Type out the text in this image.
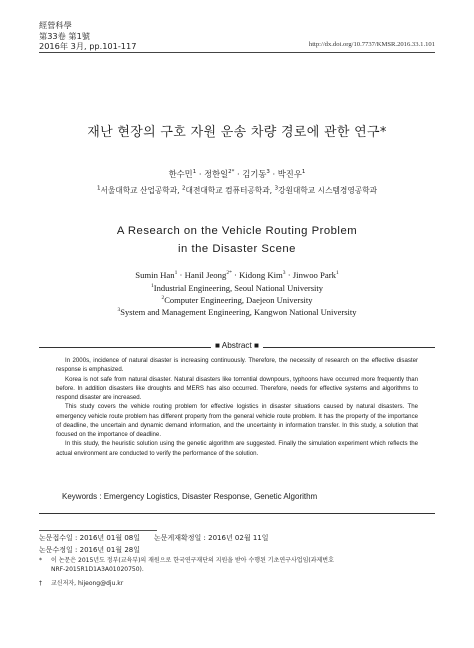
經營科學
第33卷 第1號
2016年 3月, pp.101-117	http://dx.doi.org/10.7737/KMSR.2016.33.1.101
재난 현장의 구호 자원 운송 차량 경로에 관한 연구*
한수민$^1$ · 정한일$^{2*}$ · 김기동$^3$ · 박진우$^1$
$^1$서울대학교 산업공학과, $^2$대전대학교 컴퓨터공학과, $^3$강원대학교 시스템경영공학과
A Research on the Vehicle Routing Problem
in the Disaster Scene
Sumin Han$^1$ · Hanil Jeong$^{2*}$ · Kidong Kim$^3$ · Jinwoo Park$^1$
$^1$Industrial Engineering, Seoul National University
$^2$Computer Engineering, Daejeon University
$^3$System and Management Engineering, Kangwon National University
■ Abstract ■

In 2000s, incidence of natural disaster is increasing continuously. Therefore, the necessity of research on the effective disaster response is emphasized.

Korea is not safe from natural disaster. Natural disasters like torrential downpours, typhoons have occurred more frequently than before. In addition disasters like droughts and MERS has also occurred. Therefore, needs for effective systems and algorithms to respond disaster are increased.

This study covers the vehicle routing problem for effective logistics in disaster situations caused by natural disasters. The emergency vehicle route problem has different property from the general vehicle route problem. It has the property of the importance of deadline, the uncertain and dynamic demand information, and the uncertainty in information transfer. In this study, a solution that focused on the importance of deadline.

In this study, the heuristic solution using the genetic algorithm are suggested. Finally the simulation experiment which reflects the actual environment are conducted to verify the performance of the solution.

Keywords : Emergency Logistics, Disaster Response, Genetic Algorithm
논문접수일 : 2016년 01월 08일 논문게재확정일 : 2016년 02월 11일
논문수정일 : 2016년 01월 28일
* 이 논문은 2015년도 정부(교육부)의 재원으로 한국연구재단의 지원을 받아 수행된 기초연구사업임(과제번호
NRF-2015R1D1A3A01020750).
† 교신저자, hijeong@dju.kr
